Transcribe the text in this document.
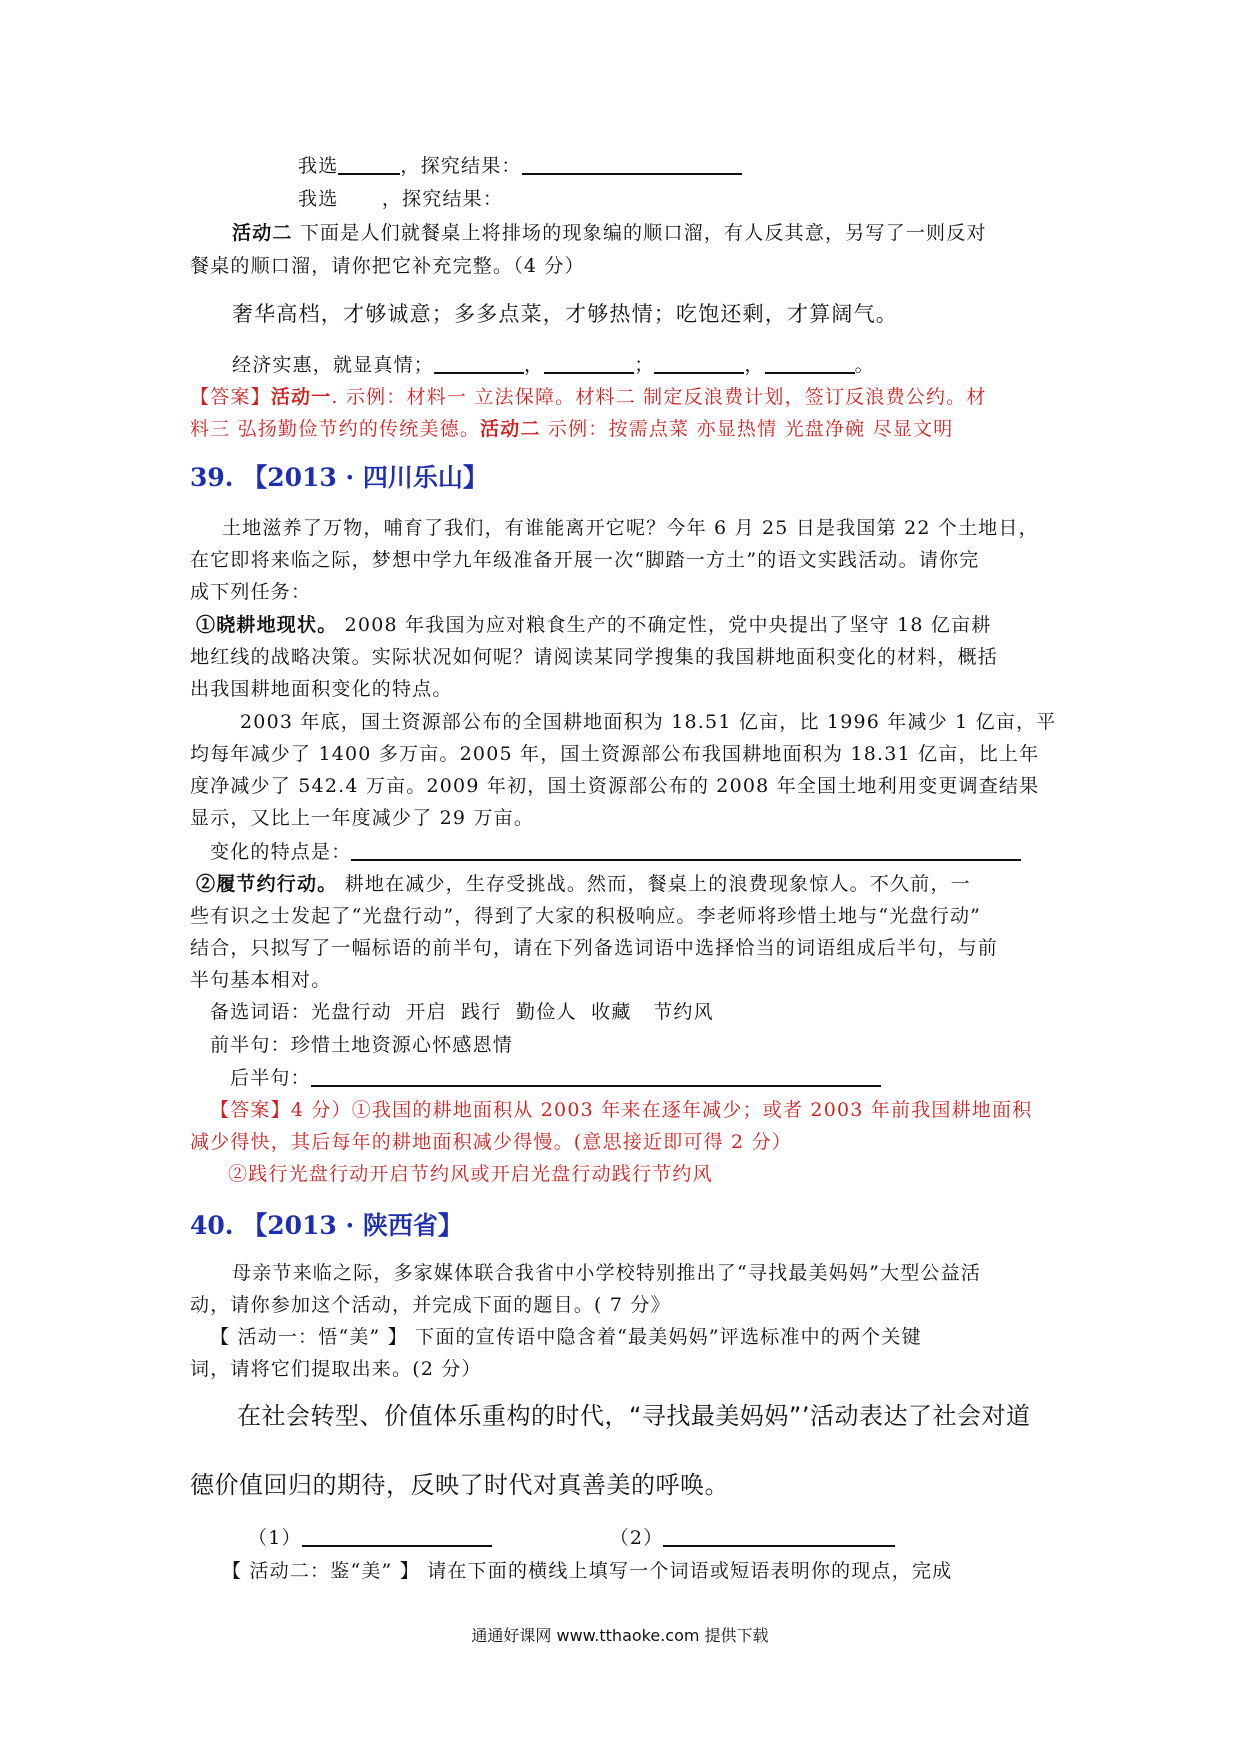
我选	，探究结果：
我选      ，探究结果：
活动二 下面是人们就餐桌上将排场的现象编的顺口溜，有人反其意，另写了一则反对
餐桌的顺口溜，请你把它补充完整。（4 分）
奢华高档，才够诚意；多多点菜，才够热情；吃饱还剩，才算阔气。
经济实惠，就显真情；	，	；	，	。
【答案】活动一. 示例：材料一 立法保障。材料二 制定反浪费计划，签订反浪费公约。材
料三 弘扬勤俭节约的传统美德。活动二 示例：按需点菜 亦显热情 光盘净碗 尽显文明
39. 【2013 · 四川乐山】
土地滋养了万物，哺育了我们，有谁能离开它呢？今年 6 月 25 日是我国第 22 个土地日，
在它即将来临之际，梦想中学九年级准备开展一次“脚踏一方土”的语文实践活动。请你完
成下列任务：
①晓耕地现状。 2008 年我国为应对粮食生产的不确定性，党中央提出了坚守 18 亿亩耕
地红线的战略决策。实际状况如何呢？请阅读某同学搜集的我国耕地面积变化的材料，概括
出我国耕地面积变化的特点。
2003 年底，国土资源部公布的全国耕地面积为 18.51 亿亩，比 1996 年减少 1 亿亩，平
均每年减少了 1400 多万亩。2005 年，国土资源部公布我国耕地面积为 18.31 亿亩，比上年
度净减少了 542.4 万亩。2009 年初，国土资源部公布的 2008 年全国土地利用变更调查结果
显示，又比上一年度减少了 29 万亩。
变化的特点是：
②履节约行动。 耕地在减少，生存受挑战。然而，餐桌上的浪费现象惊人。不久前，一
些有识之士发起了“光盘行动”，得到了大家的积极响应。李老师将珍惜土地与“光盘行动”
结合，只拟写了一幅标语的前半句，请在下列备选词语中选择恰当的词语组成后半句，与前
半句基本相对。
备选词语：光盘行动  开启  践行  勤俭人  收藏   节约风
前半句：珍惜土地资源心怀感恩情
后半句：
【答案】4 分）①我国的耕地面积从 2003 年来在逐年减少；或者 2003 年前我国耕地面积
减少得快，其后每年的耕地面积减少得慢。(意思接近即可得 2 分）
②践行光盘行动开启节约风或开启光盘行动践行节约风
40. 【2013 · 陕西省】
母亲节来临之际，多家媒体联合我省中小学校特别推出了“寻找最美妈妈”大型公益活
动，请你参加这个活动，并完成下面的题目。( 7 分》
【 活动一：悟“美” 】 下面的宣传语中隐含着“最美妈妈”评选标准中的两个关键
词，请将它们提取出来。(2 分）
在社会转型、价值体乐重构的时代，“寻找最美妈妈”’活动表达了社会对道
德价值回归的期待，反映了时代对真善美的呼唤。
（1）	（2）
【 活动二：鉴“美” 】 请在下面的横线上填写一个词语或短语表明你的现点，完成
通通好课网 www.tthaoke.com 提供下载
